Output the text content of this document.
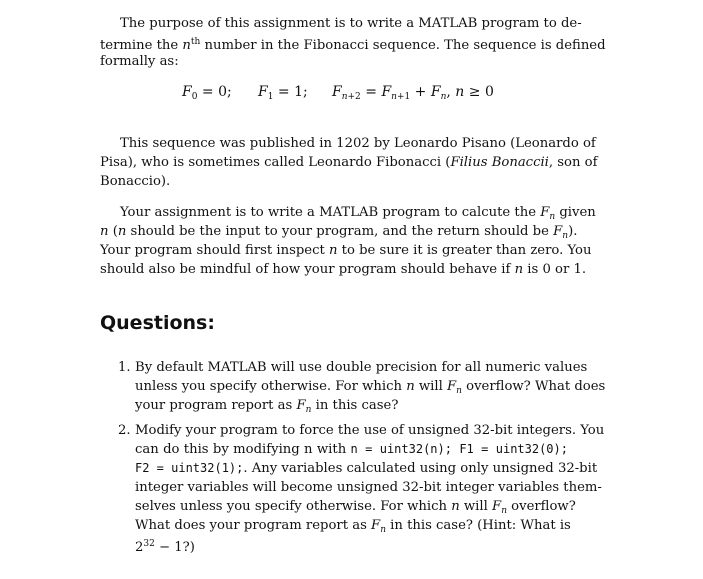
The purpose of this assignment is to write a MATLAB program to de-
termine the $n^{th}$ number in the Fibonacci sequence. The sequence is defined
formally as:
$F_0 = 0$; $F_1 = 1$; $F_{n+2} = F_{n+1} + F_n$, n ≥ 0
This sequence was published in 1202 by Leonardo Pisano (Leonardo of
Pisa), who is sometimes called Leonardo Fibonacci (Filius Bonaccii, son of
Bonaccio).
Your assignment is to write a MATLAB program to calcute the $F_n$ given
n (n should be the input to your program, and the return should be $F_n$).
Your program should first inspect n to be sure it is greater than zero. You
should also be mindful of how your program should behave if n is 0 or 1.
Questions:
1. By default MATLAB will use double precision for all numeric values
unless you specify otherwise. For which n will $F_n$ overflow? What does
your program report as $F_n$ in this case?
2. Modify your program to force the use of unsigned 32-bit integers. You
can do this by modifying n with n = uint32(n); F1 = uint32(0);
F2 = uint32(1);. Any variables calculated using only unsigned 32-bit
integer variables will become unsigned 32-bit integer variables them-
selves unless you specify otherwise. For which n will $F_n$ overflow?
What does your program report as $F_n$ in this case? (Hint: What is
$2^{32}$ − 1?)
